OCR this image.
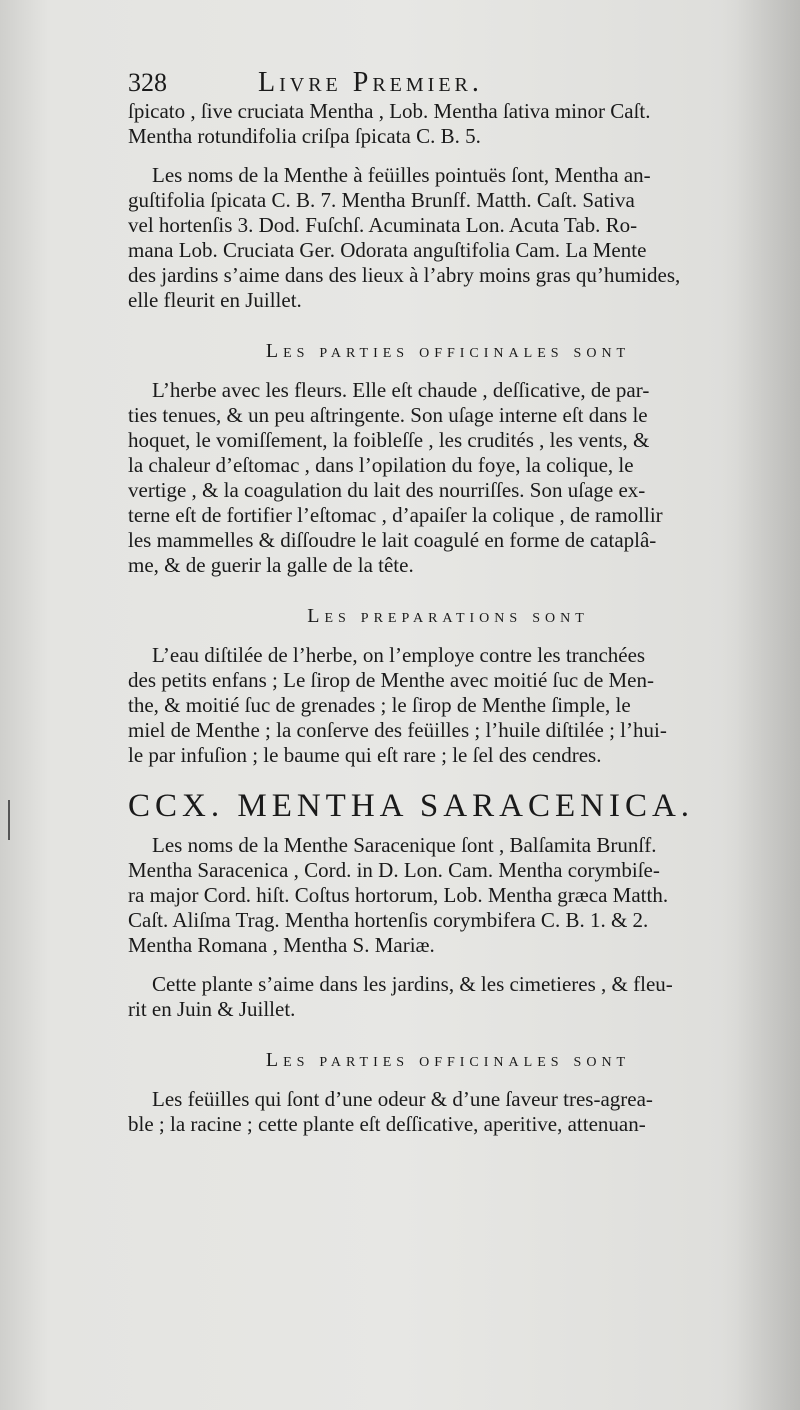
328	Livre Premier.

ſpicato , ſive cruciata Mentha , Lob. Mentha ſativa minor Caſt.

Mentha rotundifolia criſpa ſpicata C. B. 5.

Les noms de la Menthe à feüilles pointuës ſont, Mentha an-

guſtifolia ſpicata C. B. 7. Mentha Brunſf. Matth. Caſt. Sativa

vel hortenſis 3. Dod. Fuſchſ. Acuminata Lon. Acuta Tab. Ro-

mana Lob. Cruciata Ger. Odorata anguſtifolia Cam. La Mente

des jardins s’aime dans des lieux à l’abry moins gras qu’humides,

elle fleurit en Juillet.

Les parties officinales sont

L’herbe avec les fleurs. Elle eſt chaude , deſſicative, de par-

ties tenues, & un peu aſtringente. Son uſage interne eſt dans le

hoquet, le vomiſſement, la foibleſſe , les crudités , les vents, &

la chaleur d’eſtomac , dans l’opilation du foye, la colique, le

vertige , & la coagulation du lait des nourriſſes. Son uſage ex-

terne eſt de fortifier l’eſtomac , d’apaiſer la colique , de ramollir

les mammelles & diſſoudre le lait coagulé en forme de cataplâ-

me, & de guerir la galle de la tête.

Les preparations sont

L’eau diſtilée de l’herbe, on l’employe contre les tranchées

des petits enfans ; Le ſirop de Menthe avec moitié ſuc de Men-

the, & moitié ſuc de grenades ; le ſirop de Menthe ſimple, le

miel de Menthe ; la conſerve des feüilles ; l’huile diſtilée ; l’hui-

le par infuſion ; le baume qui eſt rare ; le ſel des cendres.

CCX. MENTHA SARACENICA.

Les noms de la Menthe Saracenique ſont , Balſamita Brunſf.

Mentha Saracenica , Cord. in D. Lon. Cam. Mentha corymbiſe-

ra major Cord. hiſt. Coſtus hortorum, Lob. Mentha græca Matth.

Caſt. Aliſma Trag. Mentha hortenſis corymbifera C. B. 1. & 2.

Mentha Romana , Mentha S. Mariæ.

Cette plante s’aime dans les jardins, & les cimetieres , & fleu-

rit en Juin & Juillet.

Les parties officinales sont

Les feüilles qui ſont d’une odeur & d’une ſaveur tres-agrea-

ble ; la racine ; cette plante eſt deſſicative, aperitive, attenuan-
